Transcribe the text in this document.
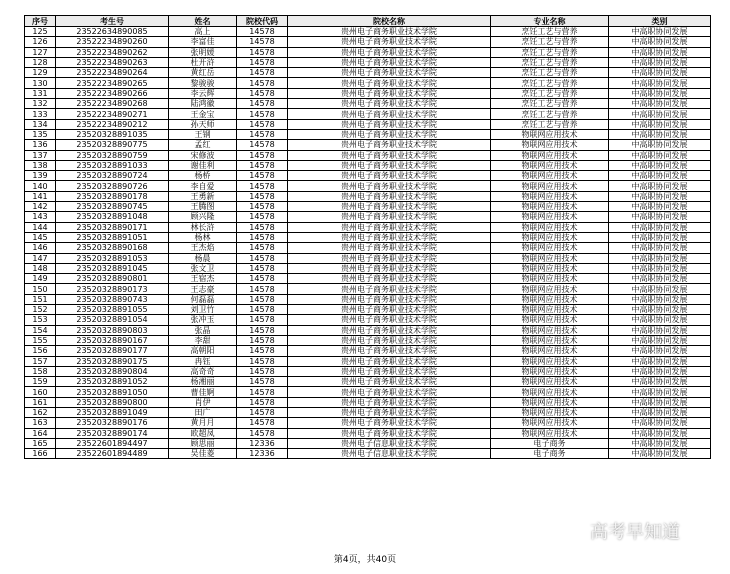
序号	考生号	姓名	院校代码	院校名称	专业名称	类别
125	23522634890085	高上	14578	贵州电子商务职业技术学院	烹饪工艺与营养	中高职协同发展
126	23522234890260	李富佳	14578	贵州电子商务职业技术学院	烹饪工艺与营养	中高职协同发展
127	23522234890262	张明媛	14578	贵州电子商务职业技术学院	烹饪工艺与营养	中高职协同发展
128	23522234890263	杜开浒	14578	贵州电子商务职业技术学院	烹饪工艺与营养	中高职协同发展
129	23522234890264	黄红岳	14578	贵州电子商务职业技术学院	烹饪工艺与营养	中高职协同发展
130	23522234890265	黎骏骏	14578	贵州电子商务职业技术学院	烹饪工艺与营养	中高职协同发展
131	23522234890266	李云辉	14578	贵州电子商务职业技术学院	烹饪工艺与营养	中高职协同发展
132	23522234890268	陆鸿徽	14578	贵州电子商务职业技术学院	烹饪工艺与营养	中高职协同发展
133	23522234890271	王金宝	14578	贵州电子商务职业技术学院	烹饪工艺与营养	中高职协同发展
134	23522234890212	孙天师	14578	贵州电子商务职业技术学院	烹饪工艺与营养	中高职协同发展
135	23520328891035	王钢	14578	贵州电子商务职业技术学院	物联网应用技术	中高职协同发展
136	23520328890775	孟红	14578	贵州电子商务职业技术学院	物联网应用技术	中高职协同发展
137	23520328890759	宋修波	14578	贵州电子商务职业技术学院	物联网应用技术	中高职协同发展
138	23520328891033	谢佳利	14578	贵州电子商务职业技术学院	物联网应用技术	中高职协同发展
139	23520328890724	杨桥	14578	贵州电子商务职业技术学院	物联网应用技术	中高职协同发展
140	23520328890726	李自爱	14578	贵州电子商务职业技术学院	物联网应用技术	中高职协同发展
141	23520328890178	王勇新	14578	贵州电子商务职业技术学院	物联网应用技术	中高职协同发展
142	23520328890745	王腾图	14578	贵州电子商务职业技术学院	物联网应用技术	中高职协同发展
143	23520328891048	顾兴隆	14578	贵州电子商务职业技术学院	物联网应用技术	中高职协同发展
144	23520328890171	林长浒	14578	贵州电子商务职业技术学院	物联网应用技术	中高职协同发展
145	23520328891051	杨林	14578	贵州电子商务职业技术学院	物联网应用技术	中高职协同发展
146	23520328890168	王杰焰	14578	贵州电子商务职业技术学院	物联网应用技术	中高职协同发展
147	23520328891053	杨晨	14578	贵州电子商务职业技术学院	物联网应用技术	中高职协同发展
148	23520328891045	张文卫	14578	贵州电子商务职业技术学院	物联网应用技术	中高职协同发展
149	23520328890801	王宿杰	14578	贵州电子商务职业技术学院	物联网应用技术	中高职协同发展
150	23520328890173	王志豪	14578	贵州电子商务职业技术学院	物联网应用技术	中高职协同发展
151	23520328890743	何磊磊	14578	贵州电子商务职业技术学院	物联网应用技术	中高职协同发展
152	23520328891055	刘卫竹	14578	贵州电子商务职业技术学院	物联网应用技术	中高职协同发展
153	23520328891054	张冲玉	14578	贵州电子商务职业技术学院	物联网应用技术	中高职协同发展
154	23520328890803	张晶	14578	贵州电子商务职业技术学院	物联网应用技术	中高职协同发展
155	23520328890167	李甜	14578	贵州电子商务职业技术学院	物联网应用技术	中高职协同发展
156	23520328890177	高朝阳	14578	贵州电子商务职业技术学院	物联网应用技术	中高职协同发展
157	23520328890175	冉钰	14578	贵州电子商务职业技术学院	物联网应用技术	中高职协同发展
158	23520328890804	高奇奇	14578	贵州电子商务职业技术学院	物联网应用技术	中高职协同发展
159	23520328891052	杨湘丽	14578	贵州电子商务职业技术学院	物联网应用技术	中高职协同发展
160	23520328891050	曹佳婀	14578	贵州电子商务职业技术学院	物联网应用技术	中高职协同发展
161	23520328890800	肖伊	14578	贵州电子商务职业技术学院	物联网应用技术	中高职协同发展
162	23520328891049	田广	14578	贵州电子商务职业技术学院	物联网应用技术	中高职协同发展
163	23520328890176	黄月月	14578	贵州电子商务职业技术学院	物联网应用技术	中高职协同发展
164	23520328890174	欧超凤	14578	贵州电子商务职业技术学院	物联网应用技术	中高职协同发展
165	23522601894497	顾思丽	12336	贵州电子信息职业技术学院	电子商务	中高职协同发展
166	23522601894489	吴佳菱	12336	贵州电子信息职业技术学院	电子商务	中高职协同发展
第4页，共40页
高考早知道
